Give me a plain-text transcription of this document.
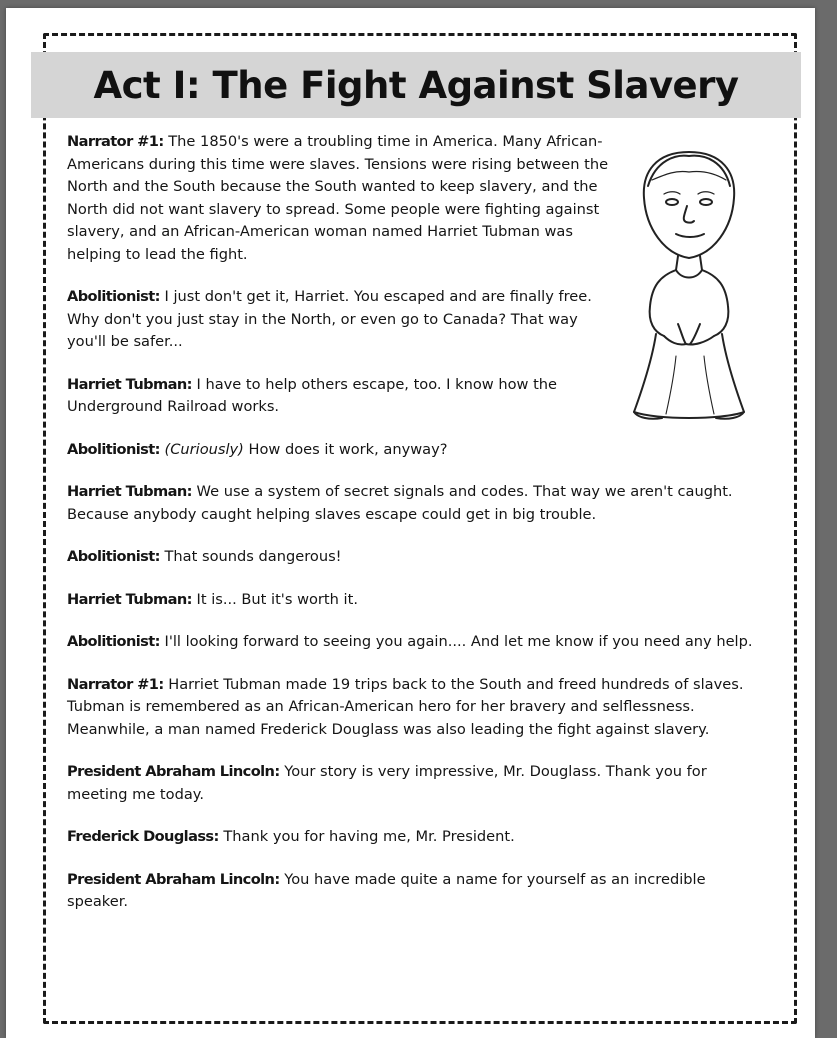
Act I: The Fight Against Slavery

Narrator #1: The 1850's were a troubling time in America. Many African-Americans during this time were slaves. Tensions were rising between the North and the South because the South wanted to keep slavery, and the North did not want slavery to spread. Some people were fighting against slavery, and an African-American woman named Harriet Tubman was helping to lead the fight.

Abolitionist: I just don't get it, Harriet. You escaped and are finally free. Why don't you just stay in the North, or even go to Canada? That way you'll be safer...

Harriet Tubman: I have to help others escape, too. I know how the Underground Railroad works.

Abolitionist: (Curiously) How does it work, anyway?

Harriet Tubman: We use a system of secret signals and codes. That way we aren't caught. Because anybody caught helping slaves escape could get in big trouble.

Abolitionist: That sounds dangerous!

Harriet Tubman: It is... But it's worth it.

Abolitionist: I'll looking forward to seeing you again.... And let me know if you need any help.

Narrator #1: Harriet Tubman made 19 trips back to the South and freed hundreds of slaves. Tubman is remembered as an African-American hero for her bravery and selflessness. Meanwhile, a man named Frederick Douglass was also leading the fight against slavery.

President Abraham Lincoln: Your story is very impressive, Mr. Douglass. Thank you for meeting me today.

Frederick Douglass: Thank you for having me, Mr. President.

President Abraham Lincoln: You have made quite a name for yourself as an incredible speaker.
